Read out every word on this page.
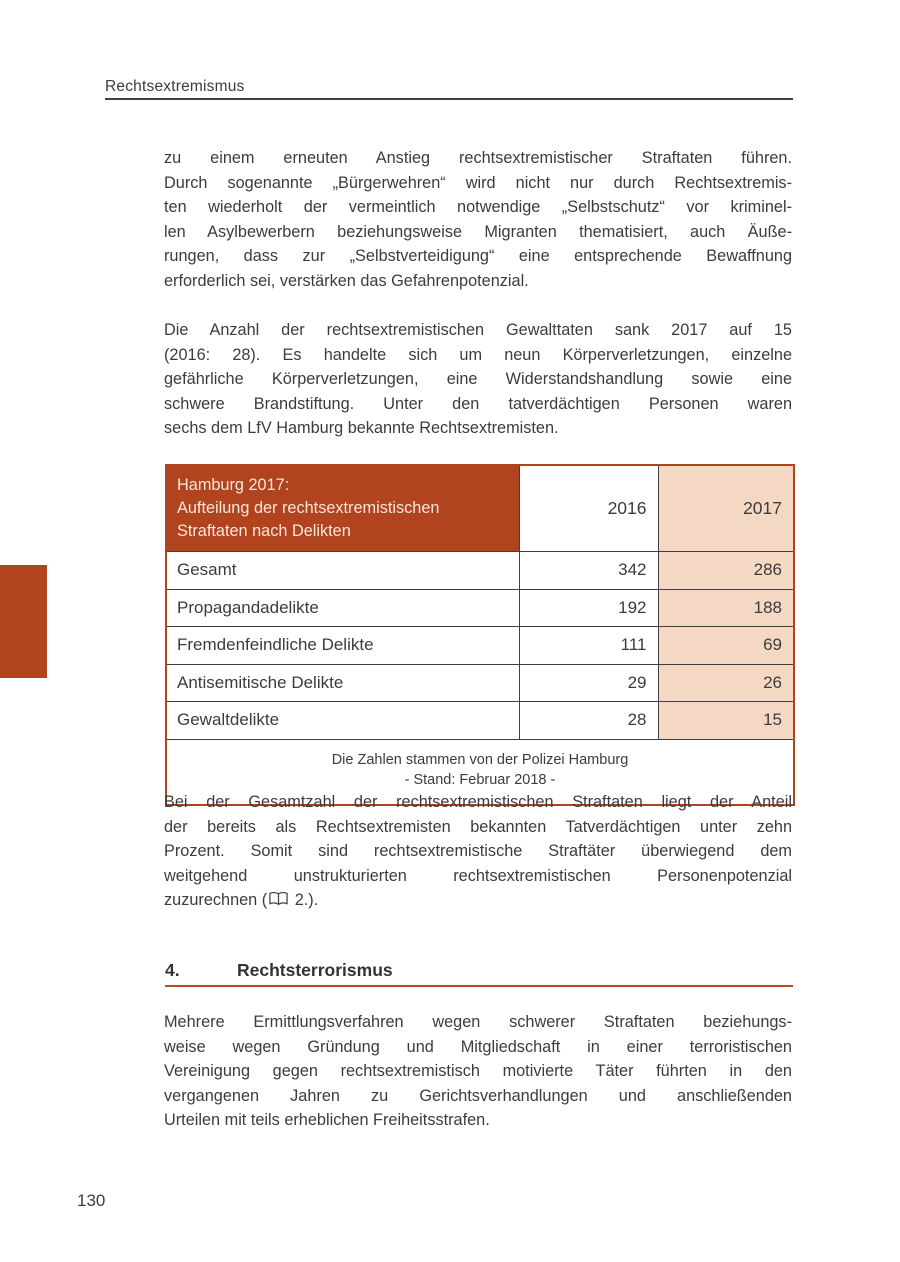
Rechtsextremismus
zu einem erneuten Anstieg rechtsextremistischer Straftaten führen.
Durch sogenannte „Bürgerwehren“ wird nicht nur durch Rechtsextremis-
ten wiederholt der vermeintlich notwendige „Selbstschutz“ vor kriminel-
len Asylbewerbern beziehungsweise Migranten thematisiert, auch Äuße-
rungen, dass zur „Selbstverteidigung“ eine entsprechende Bewaffnung
erforderlich sei, verstärken das Gefahrenpotenzial.
Die Anzahl der rechtsextremistischen Gewalttaten sank 2017 auf 15
(2016: 28). Es handelte sich um neun Körperverletzungen, einzelne
gefährliche Körperverletzungen, eine Widerstandshandlung sowie eine
schwere Brandstiftung. Unter den tatverdächtigen Personen waren
sechs dem LfV Hamburg bekannte Rechtsextremisten.
Hamburg 2017:
Aufteilung der rechtsextremistischen
Straftaten nach Delikten	2016	2017
Gesamt	342	286
Propagandadelikte	192	188
Fremdenfeindliche Delikte	111	69
Antisemitische Delikte	29	26
Gewaltdelikte	28	15

Die Zahlen stammen von der Polizei Hamburg
- Stand: Februar 2018 -		
Bei der Gesamtzahl der rechtsextremistischen Straftaten liegt der Anteil
der bereits als Rechtsextremisten bekannten Tatverdächtigen unter zehn
Prozent. Somit sind rechtsextremistische Straftäter überwiegend dem
weitgehend unstrukturierten rechtsextremistischen Personenpotenzial
zuzurechnen ( 2.).
4.	Rechtsterrorismus
Mehrere Ermittlungsverfahren wegen schwerer Straftaten beziehungs-
weise wegen Gründung und Mitgliedschaft in einer terroristischen
Vereinigung gegen rechtsextremistisch motivierte Täter führten in den
vergangenen Jahren zu Gerichtsverhandlungen und anschließenden
Urteilen mit teils erheblichen Freiheitsstrafen.
130
